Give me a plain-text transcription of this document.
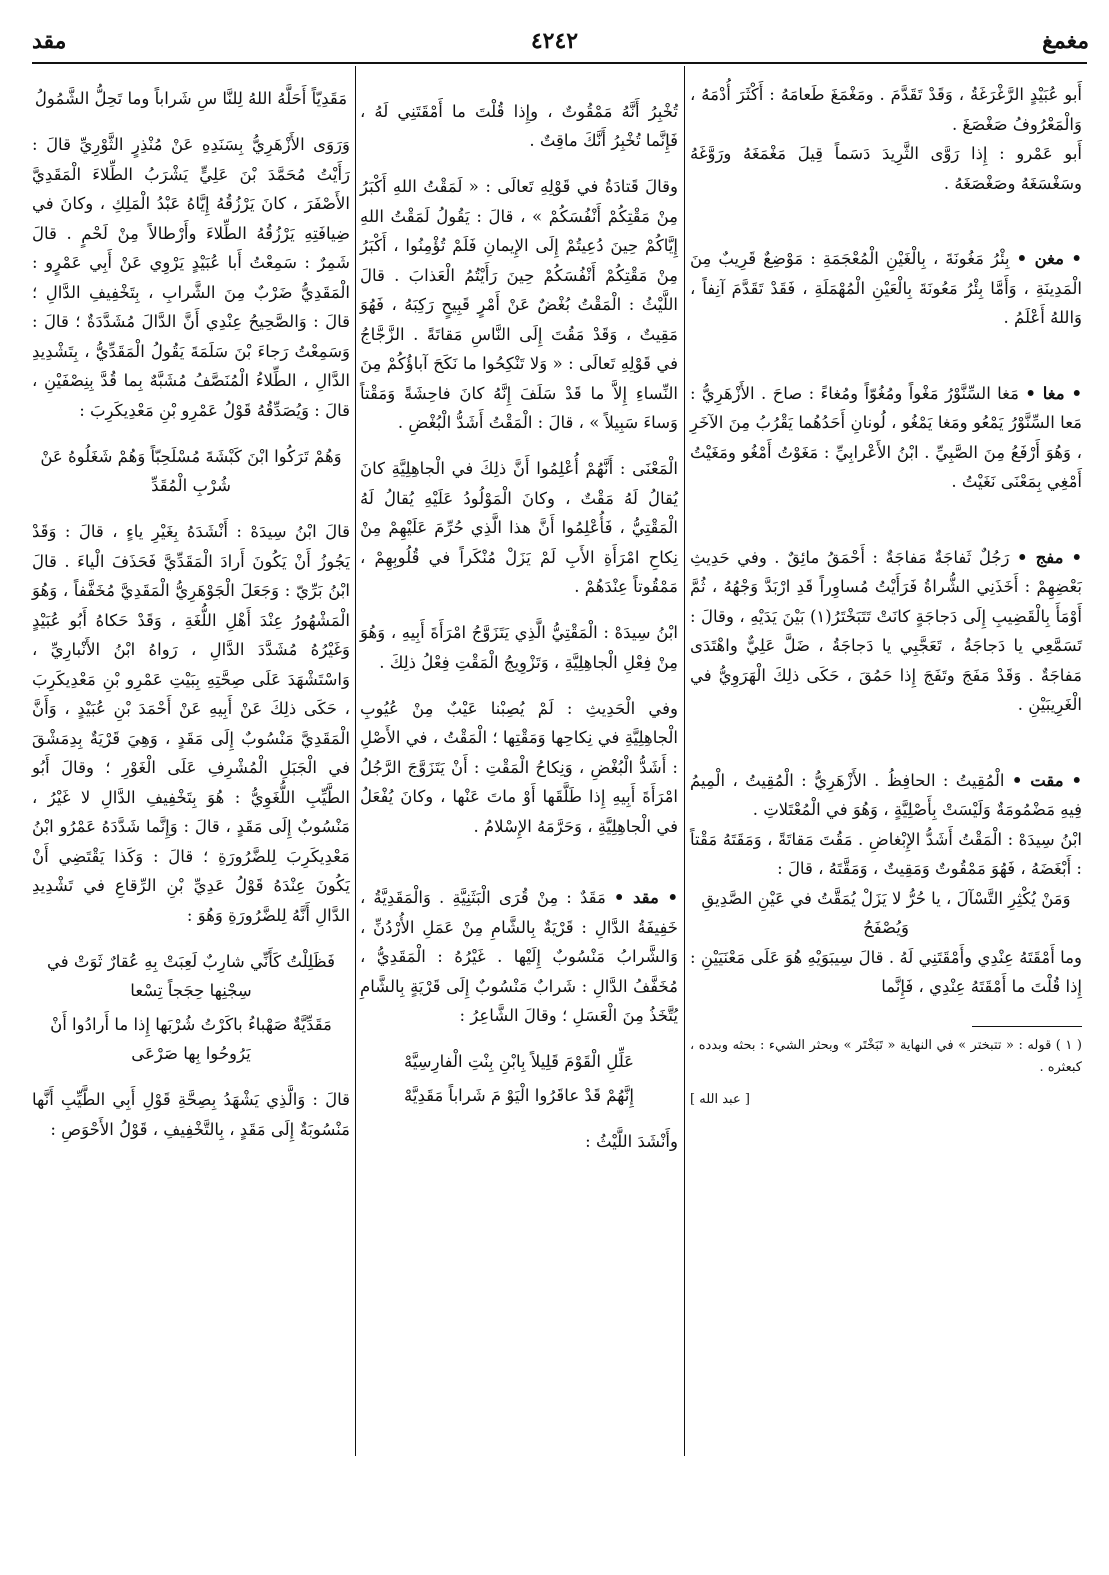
مغمغ
٤٢٤٢
مقد

أَبو عُبَيْدٍ الرَّغْرَغَةُ ، وَقَدْ تَقَدَّمَ . ومَغْمَغَ طَعامَهُ : أَكْثَرَ أُدْمَهُ ، وَالْمَعْرُوفُ صَغْصَغَ .

أَبو عَمْرو : إِذا رَوَّى الثَّرِيدَ دَسَماً قِيلَ مَغْمَغَهُ ورَوَّغَهُ وسَغْسَغَهُ وصَغْصَغَهُ .

• مغن • بِئْرُ مَغُونَةَ ، بِالْغَيْنِ الْمُعْجَمَةِ : مَوْضِعٌ قَرِيبٌ مِنَ الْمَدِينَةِ ، وَأَمَّا بِئْرُ مَعُونَةَ بِالْعَيْنِ الْمُهْمَلَةِ ، فَقَدْ تَقَدَّمَ آنِفاً ، وَاللهُ أَعْلَمُ .

• مغا • مَغا السِّنَّوْرُ مَغْواً ومُغُوّاً ومُغاءً : صاحَ . الأَزْهَرِيُّ : مَعا السِّنَّوْرُ يَمْعُو ومَغا يَمْغُو ، لُونانِ أَحَدُهُما يَقْرُبُ مِنَ الآخَرِ ، وَهُوَ أَرْفَعُ مِنَ الصَّبِيِّ . ابْنُ الأَعْرابِيِّ : مَغَوْتُ أَمْغُو ومَغَيْتُ أَمْغِي بِمَعْنَى نَغَيْتُ .

• مفج • رَجُلٌ ثَفاجَةٌ مَفاجَةٌ : أَحْمَقُ مائِقٌ . وفي حَدِيثِ بَعْضِهِمْ : أَخَذَنِي الشُّراةُ فَرَأَيْتُ مُساوِراً قَدِ ارْبَدَّ وَجْهُهُ ، ثُمَّ أَوْمَأَ بِالْقَضِيبِ إِلَى دَجاجَةٍ كانَتْ تَتَبَخْتَرُ(١) بَيْنَ يَدَيْهِ ، وقالَ : تَسَمَّعِي يا دَجاجَةُ ، تَعَجَّبِي يا دَجاجَةُ ، ضَلَّ عَلِيٌّ واهْتَدَى مَفاجَةٌ . وَقَدْ مَفَجَ وتَفَجَ إِذا حَمُقَ ، حَكَى ذلِكَ الْهَرَوِيُّ في الْغَرِيبَيْنِ .

• مقت • الْمُقِيتُ : الحافِظُ . الأَزْهَرِيُّ : الْمُقِيتُ ، الْمِيمُ فِيهِ مَضْمُومَةٌ وَلَيْسَتْ بِأَصْلِيَّةٍ ، وَهُوَ في الْمُعْتَلاتِ .

ابْنُ سِيدَهْ : الْمَقْتُ أَشَدُّ الإِبْغاضِ . مَقُتَ مَقاتَةً ، وَمَقَتَهُ مَقْتاً : أَبْغَضَهُ ، فَهُوَ مَمْقُوتٌ وَمَقِيتٌ ، وَمَقَّتَهُ ، قالَ :

وَمَنْ يُكْثِرِ التَّسْآلَ ، يا حُرُّ لا يَزَلْ يُمَقَّتُ في عَيْنِ الصَّدِيقِ وَيُصْفَحُ

وما أَمْقَتَهُ عِنْدِي وأَمْقَتَنِي لَهُ . قالَ سِيبَوَيْهِ هُوَ عَلَى مَعْنَيَيْنِ : إِذا قُلْتَ ما أَمْقَتَهُ عِنْدِي ، فَإِنَّما

( ١ ) قوله : « تتبختر » في النهاية « تَبَخْتَر » وبحثر الشيء : بحثه وبدده ، كبعثره .
[ عبد الله ]

تُخْبِرُ أَنَّهُ مَمْقُوتٌ ، وإِذا قُلْتَ ما أَمْقَتَنِي لَهُ ، فَإِنَّما تُخْبِرُ أَنَّكَ ماقِتٌ .

وقالَ قَتادَةُ في قَوْلِهِ تَعالَى : « لَمَقْتُ اللهِ أَكْبَرُ مِنْ مَقْتِكُمْ أَنْفُسَكُمْ » ، قالَ : يَقُولُ لَمَقْتُ اللهِ إِيَّاكُمْ حِينَ دُعِيتُمْ إِلَى الإِيمانِ فَلَمْ تُؤْمِنُوا ، أَكْبَرُ مِنْ مَقْتِكُمْ أَنْفُسَكُمْ حِينَ رَأَيْتُمُ الْعَذابَ . قالَ اللَّيْثُ : الْمَقْتُ بُغْضٌ عَنْ أَمْرٍ قَبِيحٍ رَكِبَهُ ، فَهُوَ مَقِيتٌ ، وَقَدْ مَقُتَ إِلَى النَّاسِ مَقاتَةً . الزَّجَّاجُ في قَوْلِهِ تَعالَى : « وَلا تَنْكِحُوا ما نَكَحَ آباؤُكُمْ مِنَ النِّساءِ إِلاَّ ما قَدْ سَلَفَ إِنَّهُ كانَ فاحِشَةً وَمَقْتاً وَساءَ سَبِيلاً » ، قالَ : الْمَقْتُ أَشَدُّ الْبُغْضِ .

الْمَعْنَى : أَنَّهُمْ أُعْلِمُوا أَنَّ ذلِكَ في الْجاهِلِيَّةِ كانَ يُقالُ لَهُ مَقْتٌ ، وكانَ الْمَوْلُودُ عَلَيْهِ يُقالُ لَهُ الْمَقْتِيُّ ، فَأُعْلِمُوا أَنَّ هذا الَّذِي حُرِّمَ عَلَيْهِمْ مِنْ نِكاحِ امْرَأَةِ الأَبِ لَمْ يَزَلْ مُنْكَراً في قُلُوبِهِمْ ، مَمْقُوتاً عِنْدَهُمْ .

ابْنُ سِيدَهْ : الْمَقْتِيُّ الَّذِي يَتَزَوَّجُ امْرَأَةَ أَبِيهِ ، وَهُوَ مِنْ فِعْلِ الْجاهِلِيَّةِ ، وَتَزْوِيجُ الْمَقْتِ فِعْلُ ذلِكَ .

وفي الْحَدِيثِ : لَمْ يُصِبْنا عَيْبٌ مِنْ عُيُوبِ الْجاهِلِيَّةِ في نِكاحِها وَمَقْتِها ؛ الْمَقْتُ ، في الأَصْلِ : أَشَدُّ الْبُغْضِ ، وَنِكاحُ الْمَقْتِ : أَنْ يَتَزَوَّجَ الرَّجُلُ امْرَأَةَ أَبِيهِ إِذا طَلَّقَها أَوْ ماتَ عَنْها ، وكانَ يُفْعَلُ في الْجاهِلِيَّةِ ، وَحَرَّمَهُ الإِسْلامُ .

• مقد • مَقَدٌ : مِنْ قُرَى الْبَثَنِيَّةِ . وَالْمَقَدِيَّةُ ، خَفِيفَةُ الدَّالِ : قَرْيَةٌ بِالشَّامِ مِنْ عَمَلِ الأُرْدُنِّ ، وَالشَّرابُ مَنْسُوبٌ إِلَيْها . غَيْرُهُ : الْمَقَدِيُّ ، مُخَفَّفُ الدَّالِ : شَرابٌ مَنْسُوبٌ إِلَى قَرْيَةٍ بِالشَّامِ يُتَّخَذُ مِنَ الْعَسَلِ ؛ وقالَ الشَّاعِرُ :

عَلِّلِ الْقَوْمَ قَلِيلاً بِابْنِ بِنْتِ الْفارِسِيَّهْ

إِنَّهُمْ قَدْ عاقَرُوا الْيَوْ مَ شَراباً مَقَدِيَّهْ

وأَنْشَدَ اللَّيْثُ :

مَقَدِيّاً أَحَلَّهُ اللهُ لِلنَّا سِ شَراباً وما تَحِلُّ الشَّمُولُ

وَرَوَى الأَزْهَرِيُّ بِسَنَدِهِ عَنْ مُنْذِرٍ الثَّوْرِيِّ قالَ : رَأَيْتُ مُحَمَّدَ بْنَ عَلِيٍّ يَشْرَبُ الطِّلاءَ الْمَقَدِيَّ الأَصْفَرَ ، كانَ يَرْزُقُهُ إِيَّاهُ عَبْدُ الْمَلِكِ ، وكانَ في ضِيافَتِهِ يَرْزُقُهُ الطِّلاءَ وأَرْطالاً مِنْ لَحْمٍ . قالَ شَمِرٌ : سَمِعْتُ أَبا عُبَيْدٍ يَرْوِي عَنْ أَبِي عَمْرٍو : الْمَقَدِيُّ ضَرْبٌ مِنَ الشَّرابِ ، بِتَخْفِيفِ الدَّالِ ؛ قالَ : وَالصَّحِيحُ عِنْدِي أَنَّ الدَّالَ مُشَدَّدَةٌ ؛ قالَ : وَسَمِعْتُ رَجاءَ بْنَ سَلَمَةَ يَقُولُ الْمَقَدِّيُّ ، بِتَشْدِيدِ الدَّالِ ، الطِّلاءُ الْمُنَصَّفُ مُشَبَّهٌ بِما قُدَّ بِنِصْفَيْنِ ، قالَ : وَيُصَدِّقُهُ قَوْلُ عَمْرِو بْنِ مَعْدِيكَرِبَ :

وَهُمْ تَرَكُوا ابْنَ كَبْشَةَ مُسْلَحِبّاً وَهُمْ شَغَلُوهُ عَنْ شُرْبِ الْمُقَدِّ

قالَ ابْنُ سِيدَهْ : أَنْشَدَهُ بِغَيْرِ ياءٍ ، قالَ : وَقَدْ يَجُوزُ أَنْ يَكُونَ أَرادَ الْمَقَدِّيَّ فَحَذَفَ الْياءَ . قالَ ابْنُ بَرِّيّ : وَجَعَلَ الْجَوْهَرِيُّ الْمَقَدِيَّ مُخَفَّفاً ، وَهُوَ الْمَشْهُورُ عِنْدَ أَهْلِ اللُّغَةِ ، وَقَدْ حَكاهُ أَبُو عُبَيْدٍ وَغَيْرُهُ مُشَدَّدَ الدَّالِ ، رَواهُ ابْنُ الأَنْبارِيِّ ، وَاسْتَشْهَدَ عَلَى صِحَّتِهِ بِبَيْتِ عَمْرِو بْنِ مَعْدِيكَرِبَ ، حَكَى ذلِكَ عَنْ أَبِيهِ عَنْ أَحْمَدَ بْنِ عُبَيْدٍ ، وَأَنَّ الْمَقَدِيَّ مَنْسُوبٌ إِلَى مَقَدٍ ، وَهِيَ قَرْيَةٌ بِدِمَشْقَ في الْجَبَلِ الْمُشْرِفِ عَلَى الْغَوْرِ ؛ وقالَ أَبُو الطَّيِّبِ اللُّغَوِيُّ : هُوَ بِتَخْفِيفِ الدَّالِ لا غَيْرُ ، مَنْسُوبٌ إِلَى مَقَدٍ ، قالَ : وَإِنَّما شَدَّدَهُ عَمْرُو ابْنُ مَعْدِيكَرِبَ لِلضَّرُورَةِ ؛ قالَ : وَكَذا يَقْتَضِي أَنْ يَكُونَ عِنْدَهُ قَوْلُ عَدِيِّ بْنِ الرِّقاعِ في تَشْدِيدِ الدَّالِ أَنَّهُ لِلضَّرُورَةِ وَهُوَ :

فَظَلِلْتُ كَأَنِّي شارِبٌ لَعِبَتْ بِهِ عُقارٌ ثَوَتْ في سِجْنِها حِجَجاً تِسْعا

مَقَدِّيَّةٌ صَهْباءُ باكَرْتُ شُرْبَها إِذا ما أَرادُوا أَنْ يَرُوحُوا بِها صَرْعَى

قالَ : وَالَّذِي يَشْهَدُ بِصِحَّةِ قَوْلِ أَبِي الطَّيِّبِ أَنَّها مَنْسُوبَةٌ إِلَى مَقَدٍ ، بِالتَّخْفِيفِ ، قَوْلُ الأَحْوَصِ :
